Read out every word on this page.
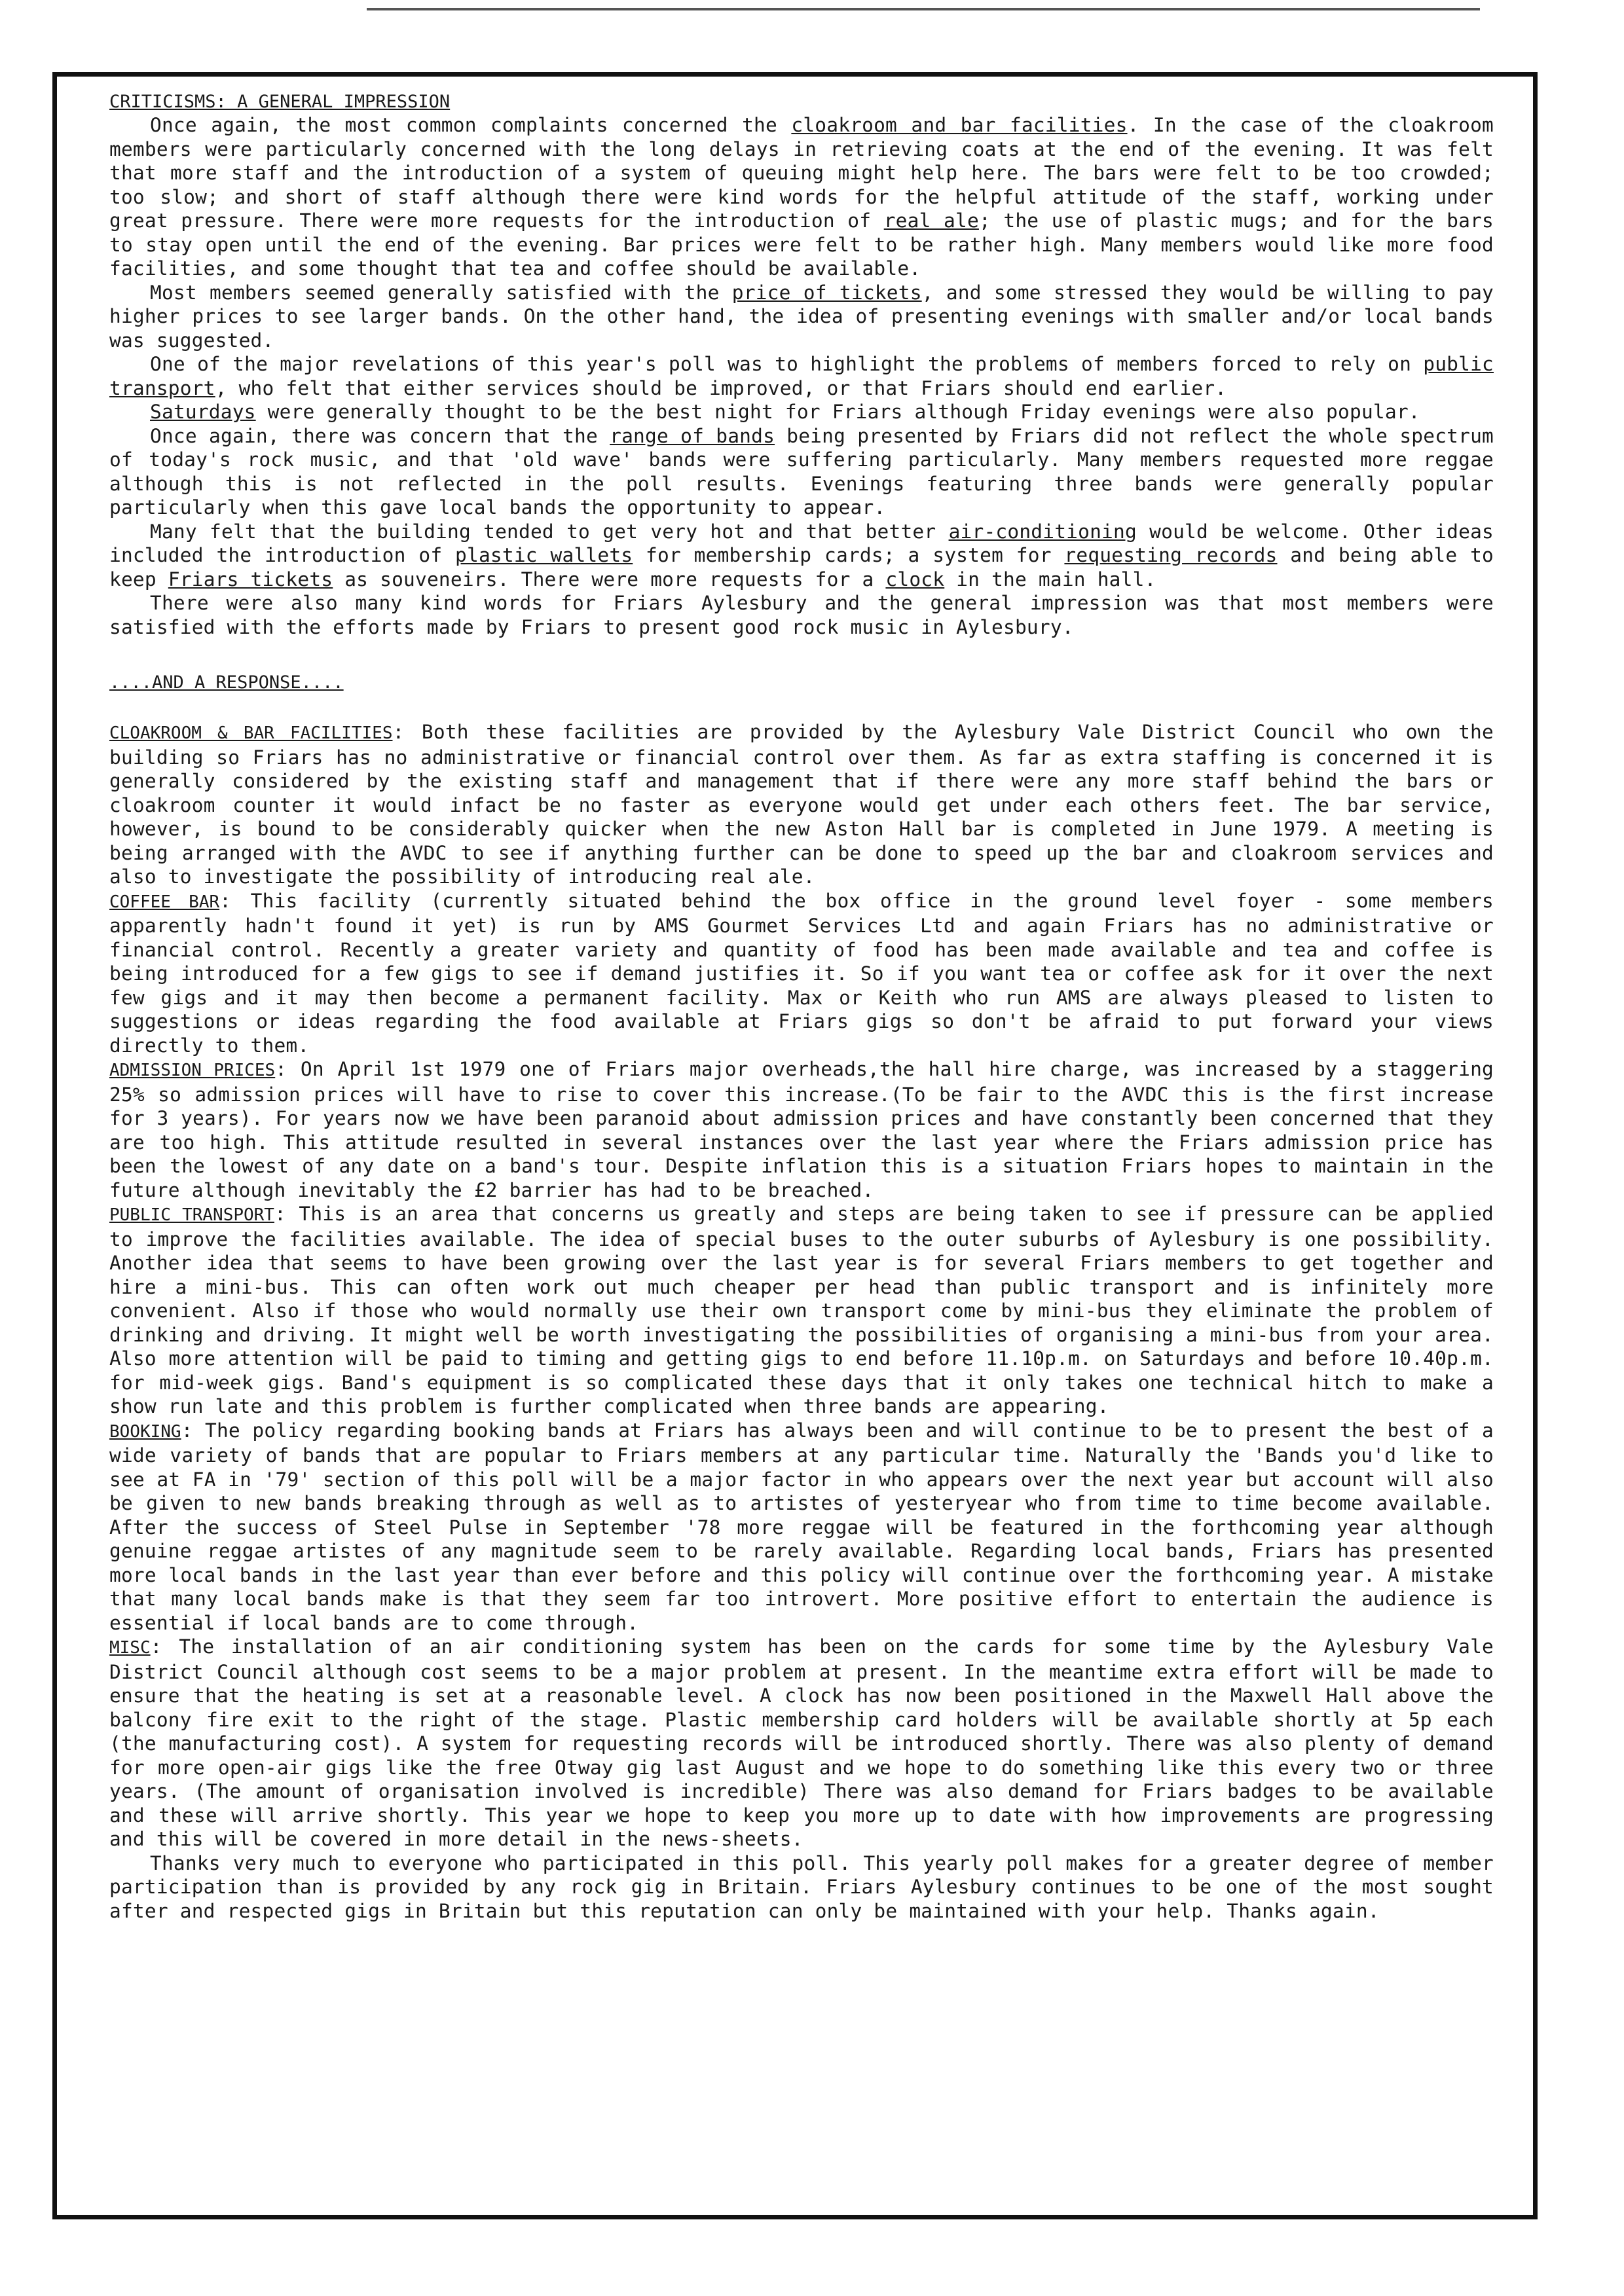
CRITICISMS: A GENERAL IMPRESSION

Once again, the most common complaints concerned the cloakroom and bar facilities. In the case of the cloakroom members were particularly concerned with the long delays in retrieving coats at the end of the evening. It was felt that more staff and the introduction of a system of queuing might help here. The bars were felt to be too crowded; too slow; and short of staff although there were kind words for the helpful attitude of the staff, working under great pressure. There were more requests for the introduction of real ale; the use of plastic mugs; and for the bars to stay open until the end of the evening. Bar prices were felt to be rather high. Many members would like more food facilities, and some thought that tea and coffee should be available.

Most members seemed generally satisfied with the price of tickets, and some stressed they would be willing to pay higher prices to see larger bands. On the other hand, the idea of presenting evenings with smaller and/or local bands was suggested.

One of the major revelations of this year's poll was to highlight the problems of members forced to rely on public transport, who felt that either services should be improved, or that Friars should end earlier.

Saturdays were generally thought to be the best night for Friars although Friday evenings were also popular.

Once again, there was concern that the range of bands being presented by Friars did not reflect the whole spectrum of today's rock music, and that 'old wave' bands were suffering particularly. Many members requested more reggae although this is not reflected in the poll results. Evenings featuring three bands were generally popular particularly when this gave local bands the opportunity to appear.

Many felt that the building tended to get very hot and that better air-conditioning would be welcome. Other ideas included the introduction of plastic wallets for membership cards; a system for requesting records and being able to keep Friars tickets as souveneirs. There were more requests for a clock in the main hall.

There were also many kind words for Friars Aylesbury and the general impression was that most members were satisfied with the efforts made by Friars to present good rock music in Aylesbury.

....AND A RESPONSE....

CLOAKROOM & BAR FACILITIES: Both these facilities are provided by the Aylesbury Vale District Council who own the building so Friars has no administrative or financial control over them. As far as extra staffing is concerned it is generally considered by the existing staff and management that if there were any more staff behind the bars or cloakroom counter it would infact be no faster as everyone would get under each others feet. The bar service, however, is bound to be considerably quicker when the new Aston Hall bar is completed in June 1979. A meeting is being arranged with the AVDC to see if anything further can be done to speed up the bar and cloakroom services and also to investigate the possibility of introducing real ale.

COFFEE BAR: This facility (currently situated behind the box office in the ground level foyer - some members apparently hadn't found it yet) is run by AMS Gourmet Services Ltd and again Friars has no administrative or financial control. Recently a greater variety and quantity of food has been made available and tea and coffee is being introduced for a few gigs to see if demand justifies it. So if you want tea or coffee ask for it over the next few gigs and it may then become a permanent facility. Max or Keith who run AMS are always pleased to listen to suggestions or ideas regarding the food available at Friars gigs so don't be afraid to put forward your views directly to them.

ADMISSION PRICES: On April 1st 1979 one of Friars major overheads,the hall hire charge, was increased by a staggering 25% so admission prices will have to rise to cover this increase.(To be fair to the AVDC this is the first increase for 3 years). For years now we have been paranoid about admission prices and have constantly been concerned that they are too high. This attitude resulted in several instances over the last year where the Friars admission price has been the lowest of any date on a band's tour. Despite inflation this is a situation Friars hopes to maintain in the future although inevitably the £2 barrier has had to be breached.

PUBLIC TRANSPORT: This is an area that concerns us greatly and steps are being taken to see if pressure can be applied to improve the facilities available. The idea of special buses to the outer suburbs of Aylesbury is one possibility. Another idea that seems to have been growing over the last year is for several Friars members to get together and hire a mini-bus. This can often work out much cheaper per head than public transport and is infinitely more convenient. Also if those who would normally use their own transport come by mini-bus they eliminate the problem of drinking and driving. It might well be worth investigating the possibilities of organising a mini-bus from your area. Also more attention will be paid to timing and getting gigs to end before 11.10p.m. on Saturdays and before 10.40p.m. for mid-week gigs. Band's equipment is so complicated these days that it only takes one technical hitch to make a show run late and this problem is further complicated when three bands are appearing.

BOOKING: The policy regarding booking bands at Friars has always been and will continue to be to present the best of a wide variety of bands that are popular to Friars members at any particular time. Naturally the 'Bands you'd like to see at FA in '79' section of this poll will be a major factor in who appears over the next year but account will also be given to new bands breaking through as well as to artistes of yesteryear who from time to time become available. After the success of Steel Pulse in September '78 more reggae will be featured in the forthcoming year although genuine reggae artistes of any magnitude seem to be rarely available. Regarding local bands, Friars has presented more local bands in the last year than ever before and this policy will continue over the forthcoming year. A mistake that many local bands make is that they seem far too introvert. More positive effort to entertain the audience is essential if local bands are to come through.

MISC: The installation of an air conditioning system has been on the cards for some time by the Aylesbury Vale District Council although cost seems to be a major problem at present. In the meantime extra effort will be made to ensure that the heating is set at a reasonable level. A clock has now been positioned in the Maxwell Hall above the balcony fire exit to the right of the stage. Plastic membership card holders will be available shortly at 5p each (the manufacturing cost). A system for requesting records will be introduced shortly. There was also plenty of demand for more open-air gigs like the free Otway gig last August and we hope to do something like this every two or three years. (The amount of organisation involved is incredible) There was also demand for Friars badges to be available and these will arrive shortly. This year we hope to keep you more up to date with how improvements are progressing and this will be covered in more detail in the news-sheets.

Thanks very much to everyone who participated in this poll. This yearly poll makes for a greater degree of member participation than is provided by any rock gig in Britain. Friars Aylesbury continues to be one of the most sought after and respected gigs in Britain but this reputation can only be maintained with your help. Thanks again.
